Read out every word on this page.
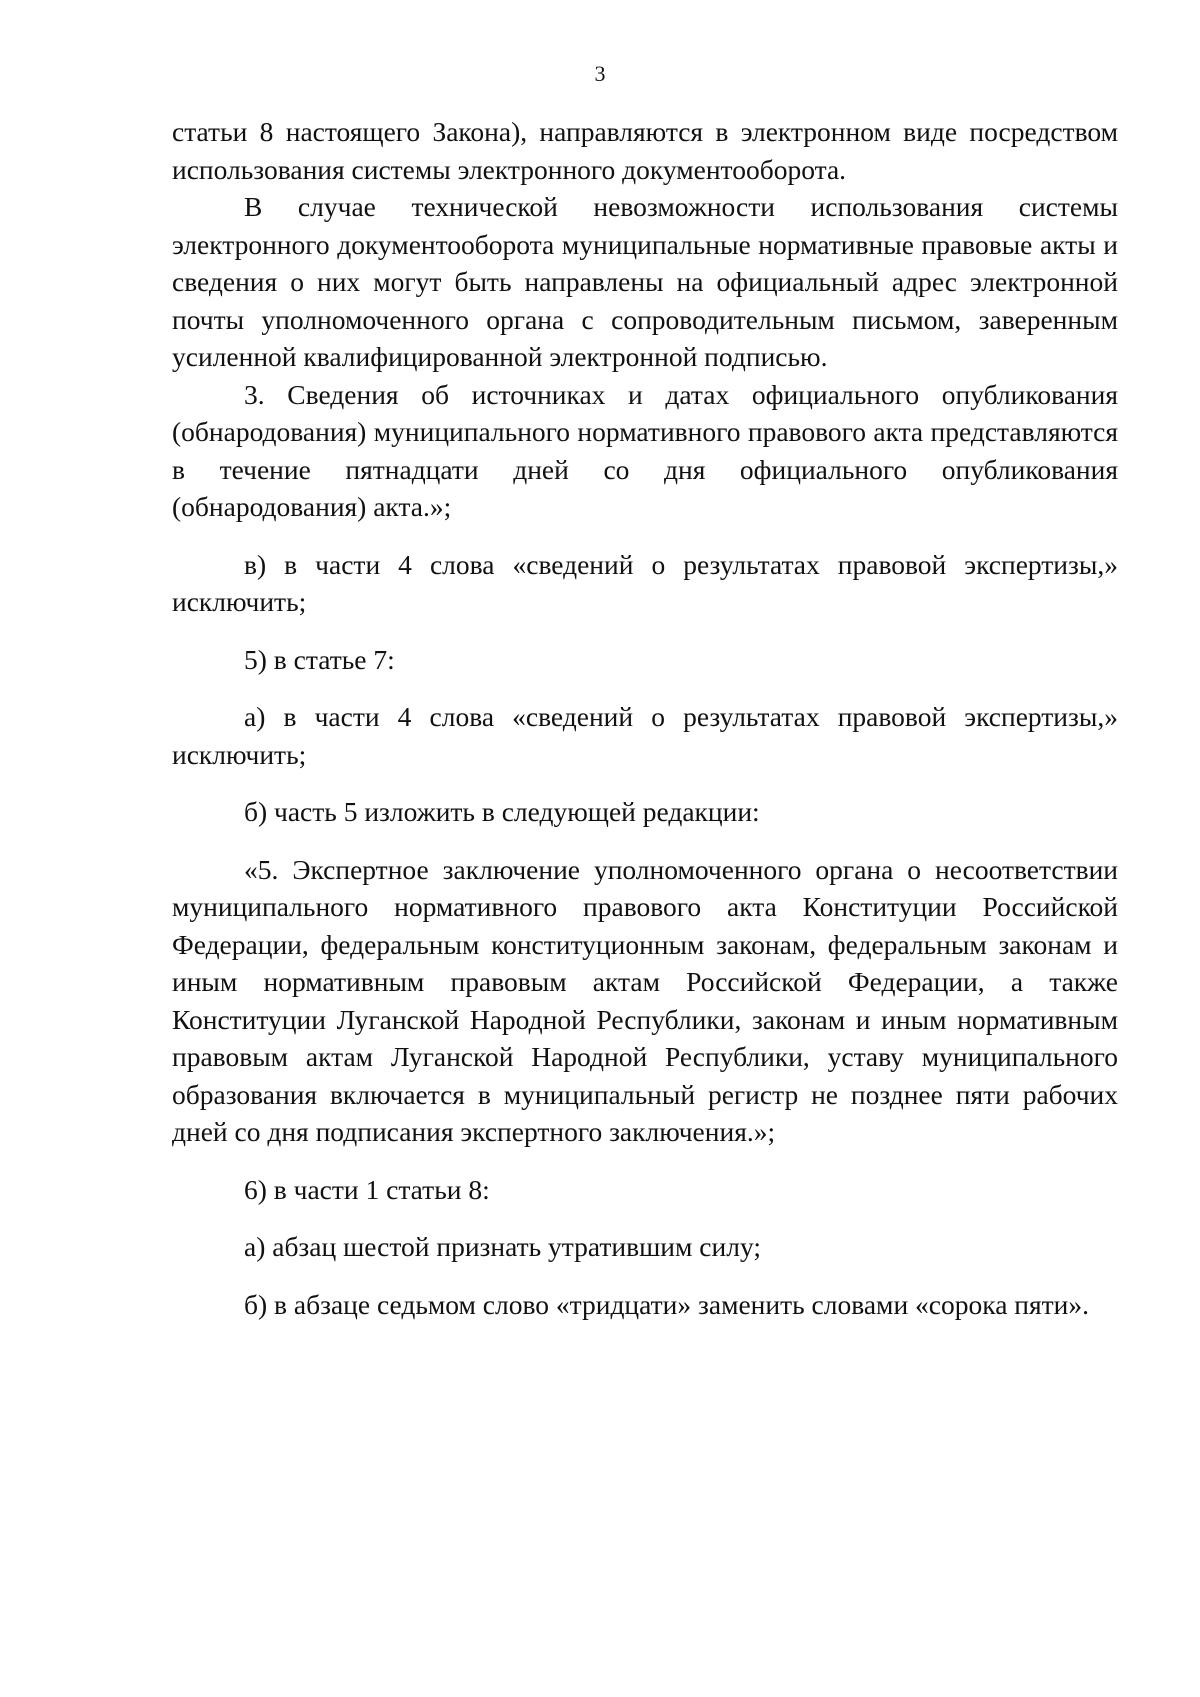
3

статьи 8 настоящего Закона), направляются в электронном виде посредством использования системы электронного документооборота.

В случае технической невозможности использования системы электронного документооборота муниципальные нормативные правовые акты и сведения о них могут быть направлены на официальный адрес электронной почты уполномоченного органа с сопроводительным письмом, заверенным усиленной квалифицированной электронной подписью.

3. Сведения об источниках и датах официального опубликования (обнародования) муниципального нормативного правового акта представляются в течение пятнадцати дней со дня официального опубликования (обнародования) акта.»;

в) в части 4 слова «сведений о результатах правовой экспертизы,» исключить;

5) в статье 7:

а) в части 4 слова «сведений о результатах правовой экспертизы,» исключить;

б) часть 5 изложить в следующей редакции:

«5. Экспертное заключение уполномоченного органа о несоответствии муниципального нормативного правового акта Конституции Российской Федерации, федеральным конституционным законам, федеральным законам и иным нормативным правовым актам Российской Федерации, а также Конституции Луганской Народной Республики, законам и иным нормативным правовым актам Луганской Народной Республики, уставу муниципального образования включается в муниципальный регистр не позднее пяти рабочих дней со дня подписания экспертного заключения.»;

6) в части 1 статьи 8:

а) абзац шестой признать утратившим силу;

б) в абзаце седьмом слово «тридцати» заменить словами «сорока пяти».
